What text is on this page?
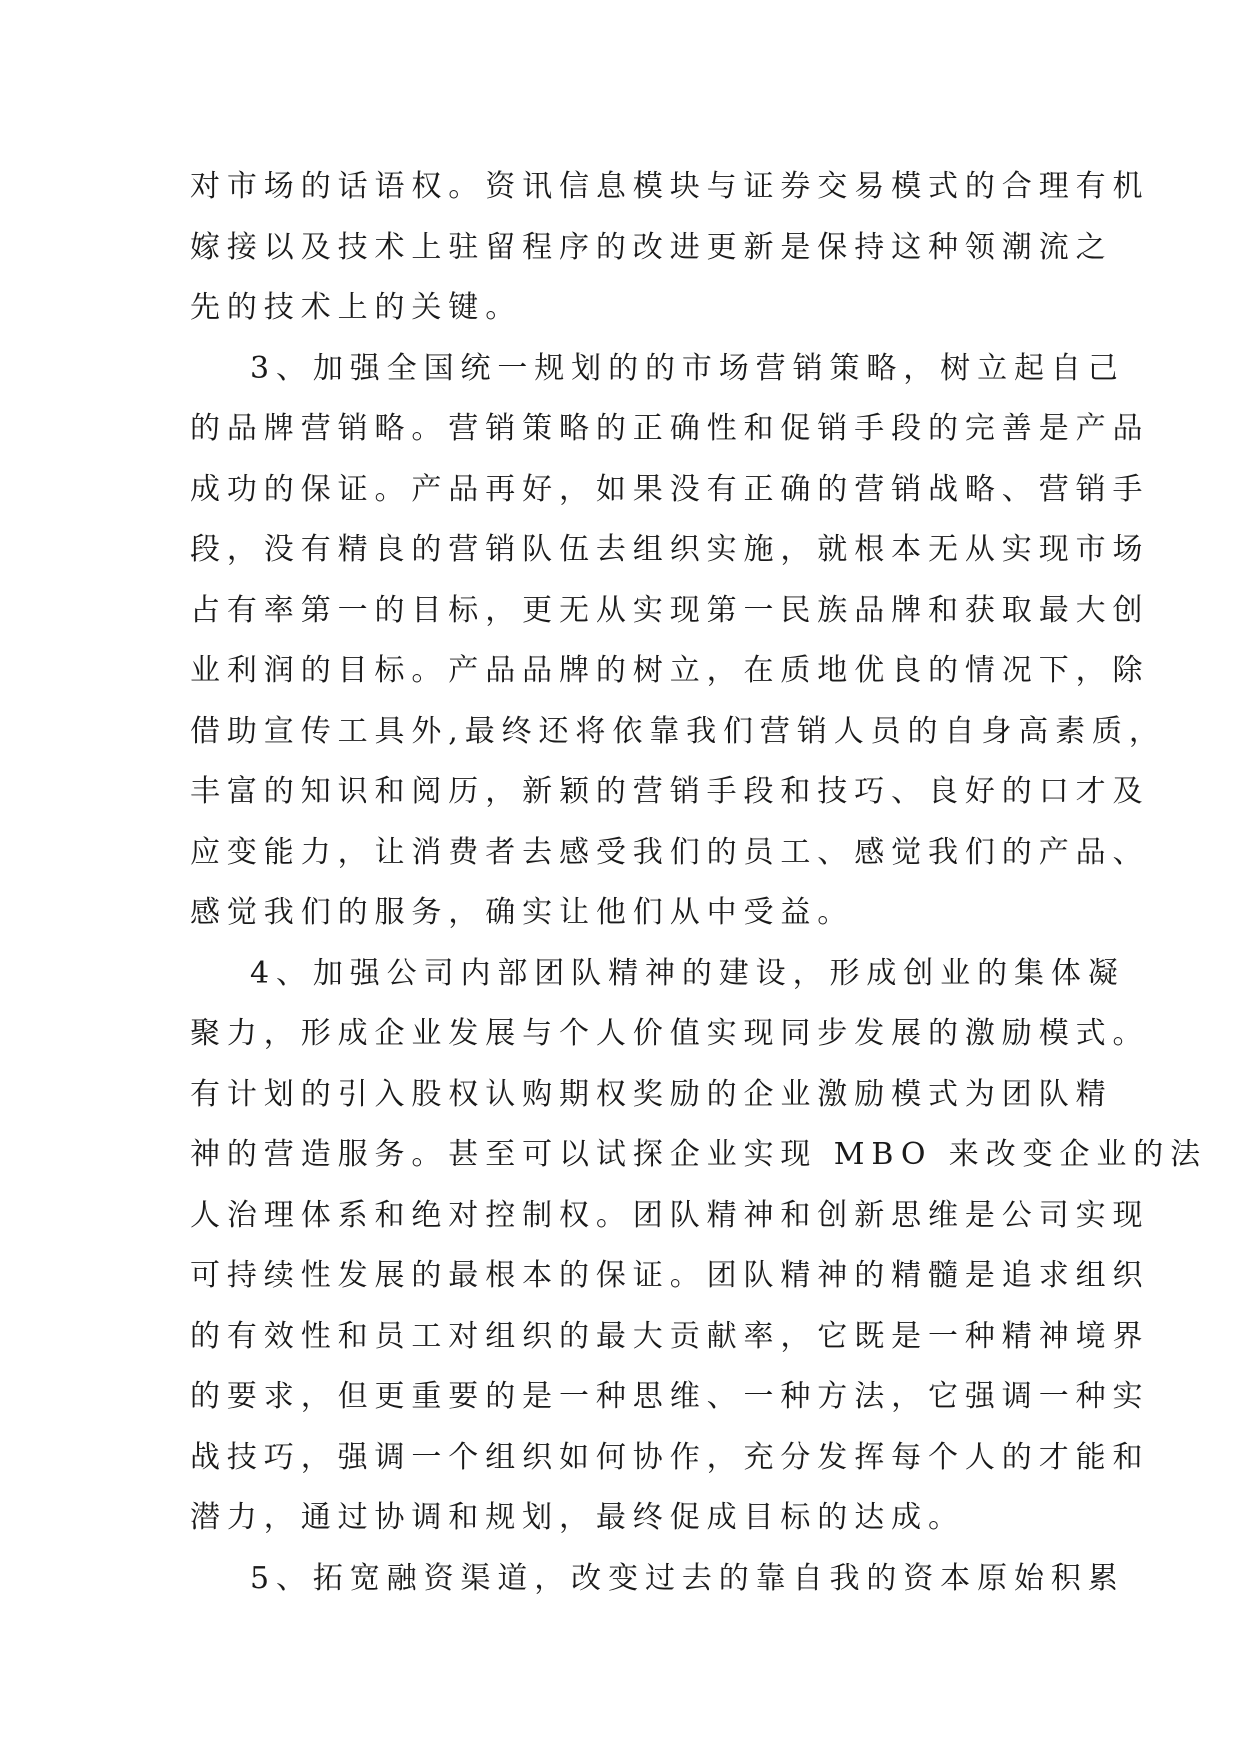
对市场的话语权。资讯信息模块与证券交易模式的合理有机
嫁接以及技术上驻留程序的改进更新是保持这种领潮流之
先的技术上的关键。
3、加强全国统一规划的的市场营销策略，树立起自己
的品牌营销略。营销策略的正确性和促销手段的完善是产品
成功的保证。产品再好，如果没有正确的营销战略、营销手
段，没有精良的营销队伍去组织实施，就根本无从实现市场
占有率第一的目标，更无从实现第一民族品牌和获取最大创
业利润的目标。产品品牌的树立，在质地优良的情况下，除
借助宣传工具外,最终还将依靠我们营销人员的自身高素质，
丰富的知识和阅历，新颖的营销手段和技巧、良好的口才及
应变能力，让消费者去感受我们的员工、感觉我们的产品、
感觉我们的服务，确实让他们从中受益。
4、加强公司内部团队精神的建设，形成创业的集体凝
聚力，形成企业发展与个人价值实现同步发展的激励模式。
有计划的引入股权认购期权奖励的企业激励模式为团队精
神的营造服务。甚至可以试探企业实现 MBO 来改变企业的法
人治理体系和绝对控制权。团队精神和创新思维是公司实现
可持续性发展的最根本的保证。团队精神的精髓是追求组织
的有效性和员工对组织的最大贡献率，它既是一种精神境界
的要求，但更重要的是一种思维、一种方法，它强调一种实
战技巧，强调一个组织如何协作，充分发挥每个人的才能和
潜力，通过协调和规划，最终促成目标的达成。
5、拓宽融资渠道，改变过去的靠自我的资本原始积累
